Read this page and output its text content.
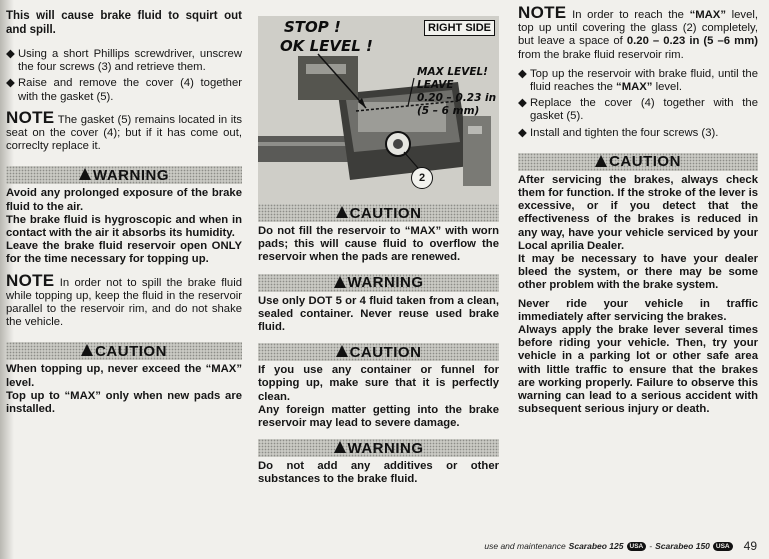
This will cause brake fluid to squirt out and spill.

◆ Using a short Phillips screwdriver, unscrew the four screws (3) and retrieve them.

◆ Raise and remove the cover (4) together with the gasket (5).

NOTE The gasket (5) remains located in its seat on the cover (4); but if it has come out, correclty replace it.

WARNING

Avoid any prolonged exposure of the brake fluid to the air.

The brake fluid is hygroscopic and when in contact with the air it absorbs its humidity.

Leave the brake fluid reservoir open ONLY for the time necessary for topping up.

NOTE In order not to spill the brake fluid while topping up, keep the fluid in the reservoir parallel to the reservoir rim, and do not shake the vehicle.

CAUTION

When topping up, never exceed the “MAX” level.

Top up to “MAX” only when new pads are installed.

STOP !
OK LEVEL !
RIGHT SIDE
MAX LEVEL!
LEAVE
0.20 – 0.23 in
(5 – 6 mm)
2
CAUTION

Do not fill the reservoir to “MAX” with worn pads; this will cause fluid to overflow the reservoir when the pads are renewed.

WARNING

Use only DOT 5 or 4 fluid taken from a clean, sealed container. Never reuse used brake fluid.

CAUTION

If you use any container or funnel for topping up, make sure that it is perfectly clean.

Any foreign matter getting into the brake reservoir may lead to severe damage.

WARNING

Do not add any additives or other substances to the brake fluid.

NOTE In order to reach the “MAX” level, top up until covering the glass (2) completely, but leave a space of 0.20 – 0.23 in (5 –6 mm) from the brake fluid reservoir rim.

◆ Top up the reservoir with brake fluid, until the fluid reaches the “MAX” level.

◆ Replace the cover (4) together with the gasket (5).

◆ Install and tighten the four screws (3).

CAUTION

After servicing the brakes, always check them for function. If the stroke of the lever is excessive, or if you detect that the effectiveness of the brakes is reduced in any way, have your vehicle serviced by your Local aprilia Dealer.

It may be necessary to have your dealer bleed the system, or there may be some other problem with the brake system.

Never ride your vehicle in traffic immediately after servicing the brakes.

Always apply the brake lever several times before riding your vehicle. Then, try your vehicle in a parking lot or other safe area with little traffic to ensure that the brakes are working properly. Failure to observe this warning can lead to a serious accident with subsequent serious injury or death.

use and maintenance Scarabeo 125 USA - Scarabeo 150 USA 49
